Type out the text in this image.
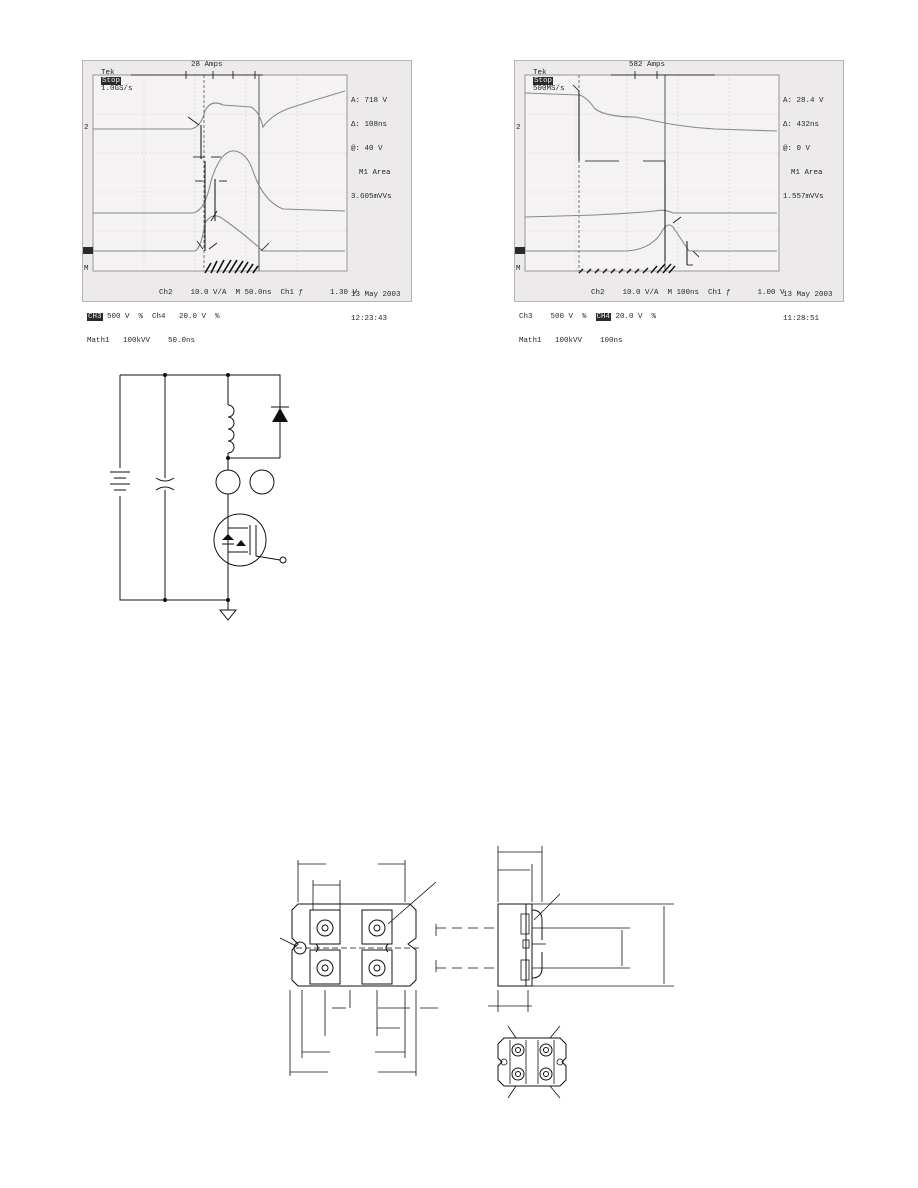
Tek
Stop
1.0GS/s

28 Amps
2
M

A: 718 V

Δ: 108ns

@: 40 V

M1 Area

3.605mVVs

Ch2    10.0 V/A  M 50.0ns  Ch1 ƒ      1.30 V

CH3 500 V  %  Ch4   20.0 V  %

Math1   100kVV    50.0ns

13 May 2003

12:23:43

Tek
Stop
500MS/s

582 Amps
2
M

A: 28.4 V

Δ: 432ns

@: 0 V

M1 Area

1.557mVVs

Ch2    10.0 V/A  M 100ns  Ch1 ƒ      1.00 V

Ch3    500 V  %  CH4 20.0 V  %

Math1   100kVV    100ns

13 May 2003

11:28:51
